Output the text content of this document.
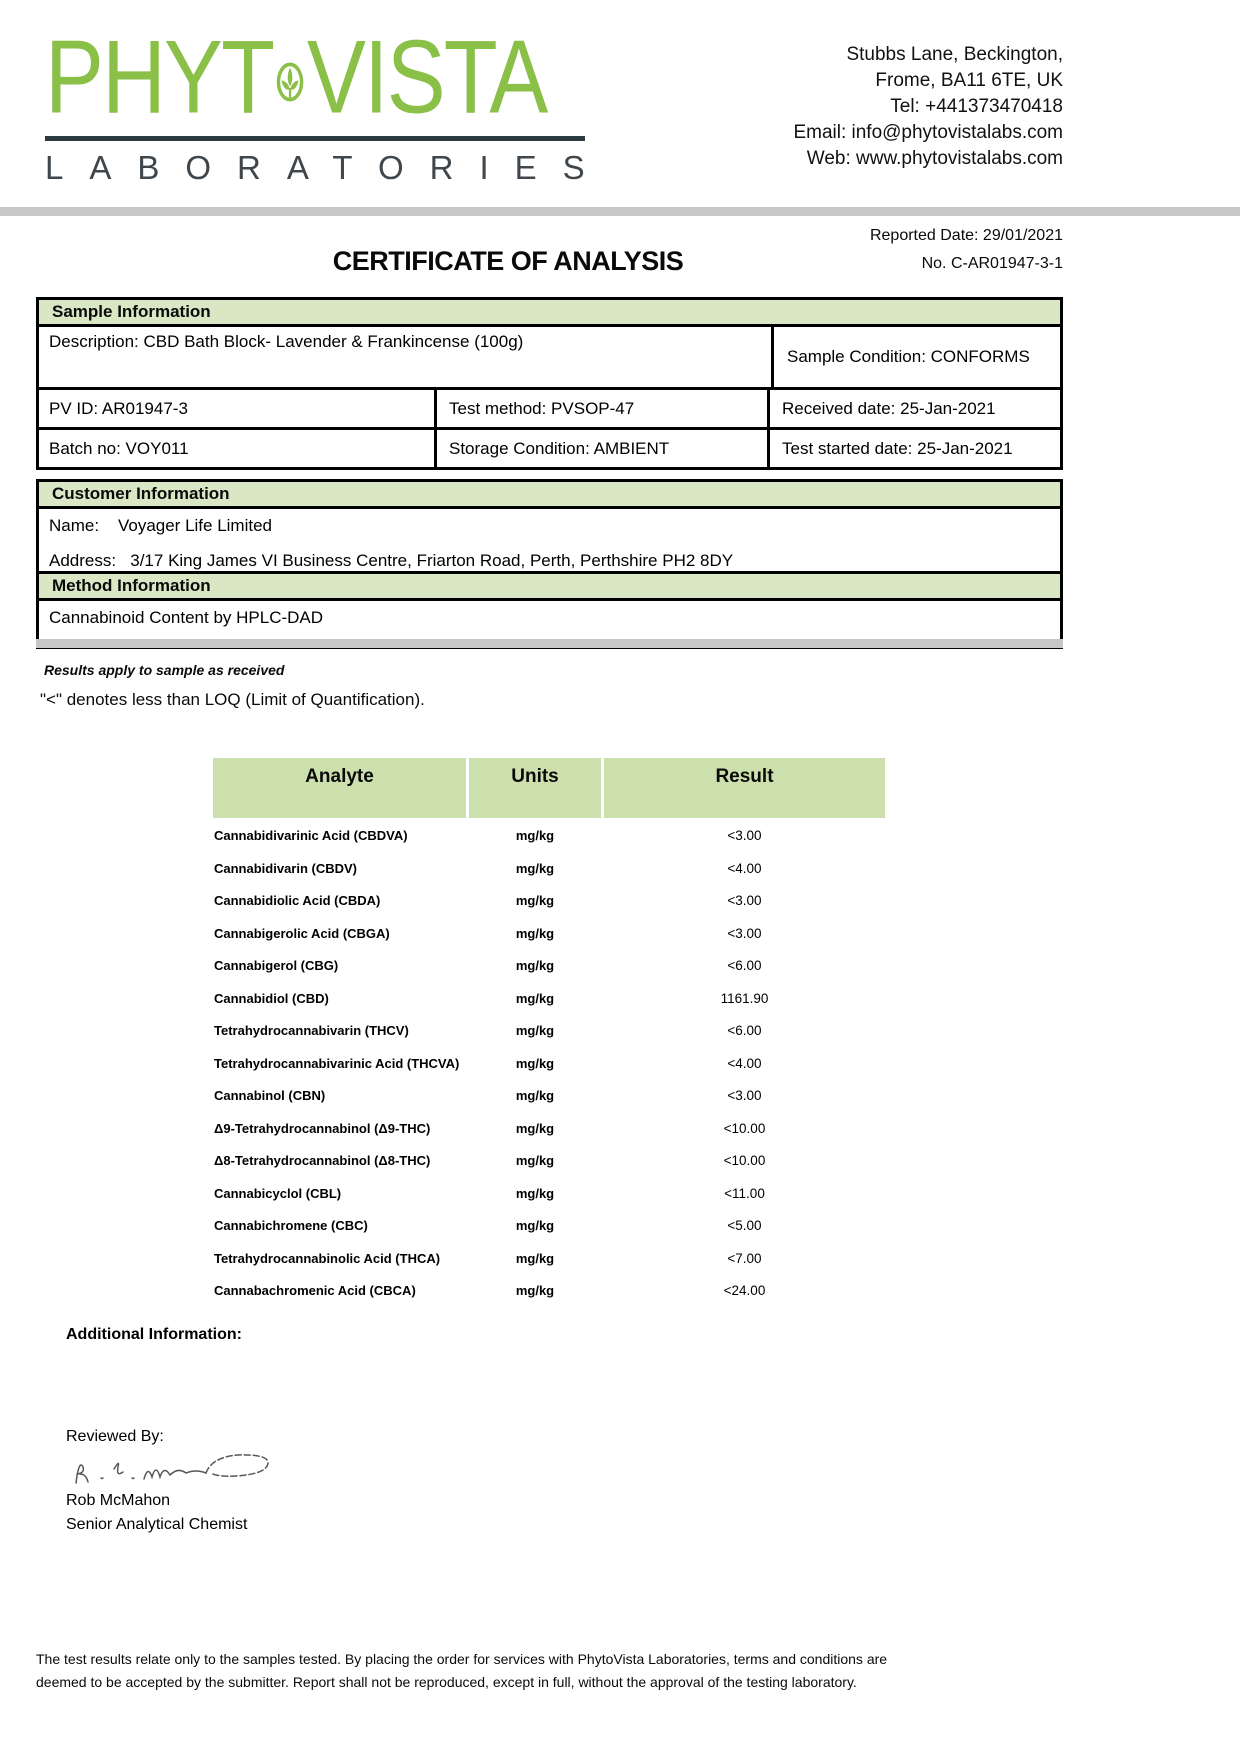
PHYT VISTA
LABORATORIES
Stubbs Lane, Beckington,
Frome, BA11 6TE, UK
Tel: +441373470418
Email: info@phytovistalabs.com
Web: www.phytovistalabs.com
Reported Date: 29/01/2021
No. C-AR01947-3-1
CERTIFICATE OF ANALYSIS
Sample Information
Description: CBD Bath Block- Lavender & Frankincense (100g)
Sample Condition: CONFORMS
PV ID: AR01947-3	Test method: PVSOP-47	Received date: 25-Jan-2021
Batch no: VOY011	Storage Condition: AMBIENT	Test started date: 25-Jan-2021
Customer Information
Name:    Voyager Life Limited
Address:   3/17 King James VI Business Centre, Friarton Road, Perth, Perthshire PH2 8DY
Method Information
Cannabinoid Content by HPLC-DAD
Results apply to sample as received
"<" denotes less than LOQ (Limit of Quantification).
Analyte	Units	Result
Cannabidivarinic Acid (CBDVA)	mg/kg	<3.00
Cannabidivarin (CBDV)	mg/kg	<4.00
Cannabidiolic Acid (CBDA)	mg/kg	<3.00
Cannabigerolic Acid (CBGA)	mg/kg	<3.00
Cannabigerol (CBG)	mg/kg	<6.00
Cannabidiol (CBD)	mg/kg	1161.90
Tetrahydrocannabivarin (THCV)	mg/kg	<6.00
Tetrahydrocannabivarinic Acid (THCVA)	mg/kg	<4.00
Cannabinol (CBN)	mg/kg	<3.00
Δ9-Tetrahydrocannabinol (Δ9-THC)	mg/kg	<10.00
Δ8-Tetrahydrocannabinol (Δ8-THC)	mg/kg	<10.00
Cannabicyclol (CBL)	mg/kg	<11.00
Cannabichromene (CBC)	mg/kg	<5.00
Tetrahydrocannabinolic Acid (THCA)	mg/kg	<7.00
Cannabachromenic Acid (CBCA)	mg/kg	<24.00
Additional Information:
Reviewed By:
Rob McMahon
Senior Analytical Chemist
The test results relate only to the samples tested. By placing the order for services with PhytoVista Laboratories, terms and conditions are
deemed to be accepted by the submitter. Report shall not be reproduced, except in full, without the approval of the testing laboratory.
